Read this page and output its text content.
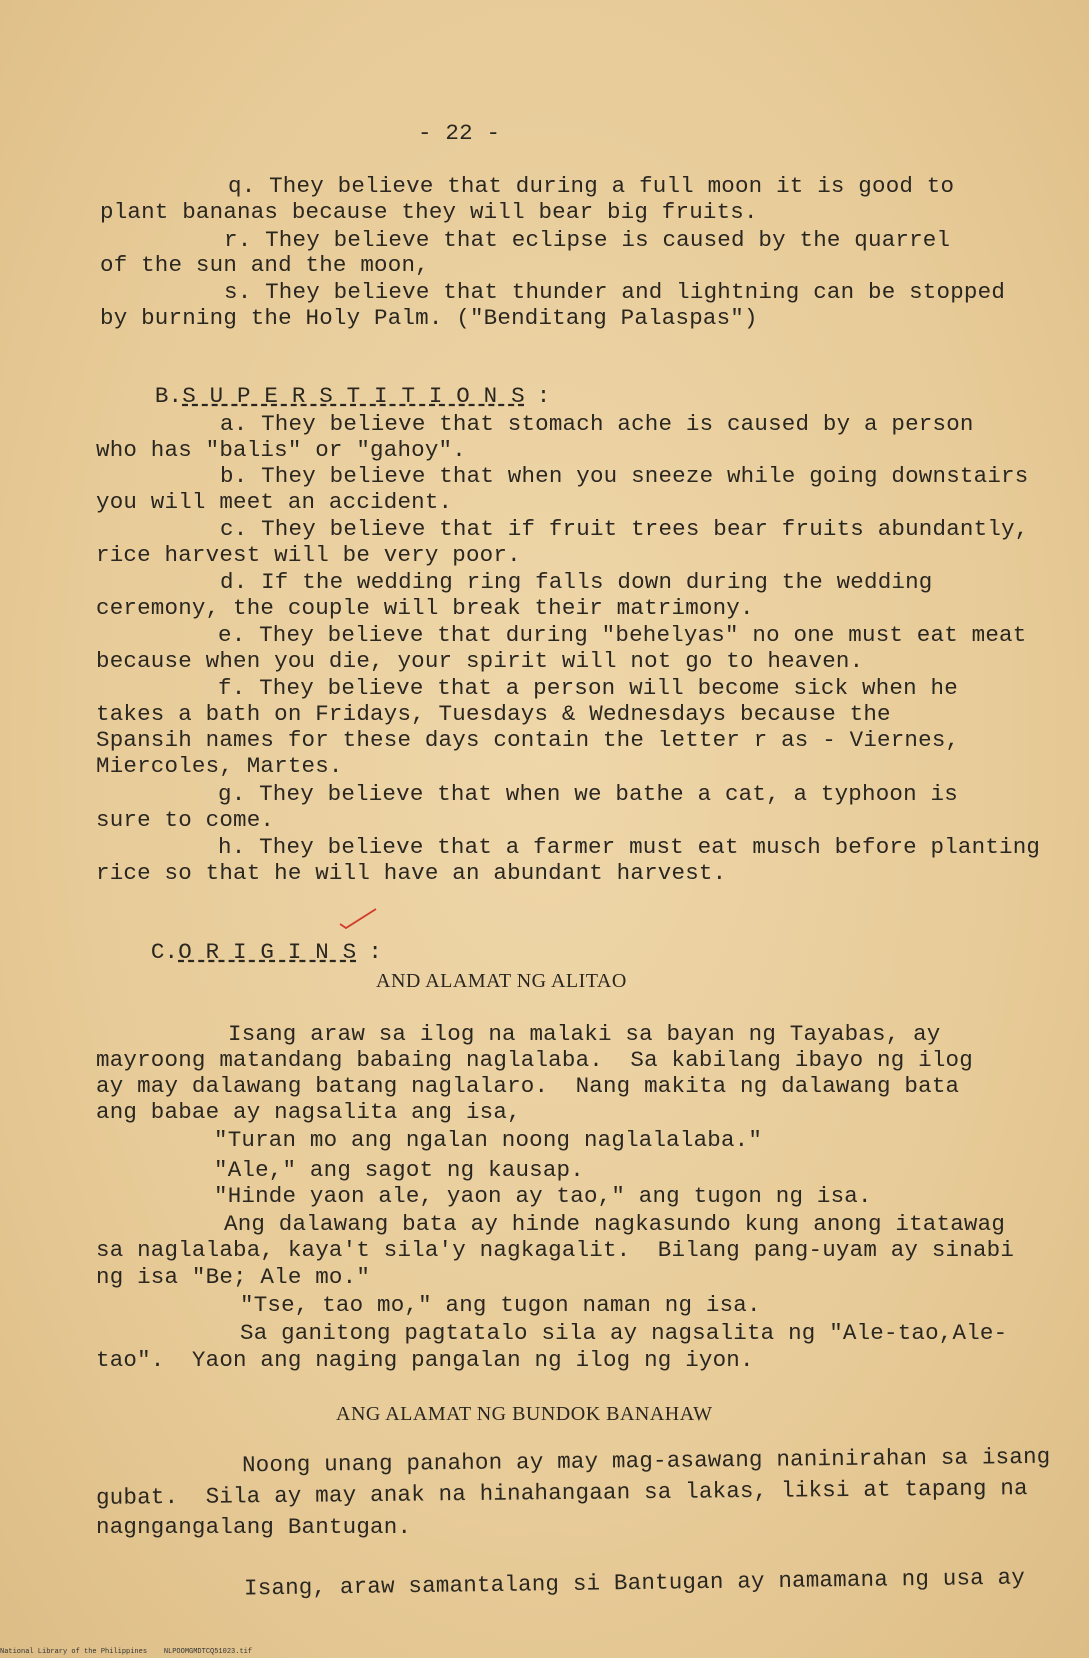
- 22 -
q. They believe that during a full moon it is good to
plant bananas because they will bear big fruits.
r. They believe that eclipse is caused by the quarrel
of the sun and the moon,
s. They believe that thunder and lightning can be stopped
by burning the Holy Palm. ("Benditang Palaspas")

B.S U P E R S T I T I O N S :

a. They believe that stomach ache is caused by a person
who has "balis" or "gahoy".
b. They believe that when you sneeze while going downstairs
you will meet an accident.
c. They believe that if fruit trees bear fruits abundantly,
rice harvest will be very poor.
d. If the wedding ring falls down during the wedding
ceremony, the couple will break their matrimony.
e. They believe that during "behelyas" no one must eat meat
because when you die, your spirit will not go to heaven.
f. They believe that a person will become sick when he
takes a bath on Fridays, Tuesdays & Wednesdays because the
Spansih names for these days contain the letter r as - Viernes,
Miercoles, Martes.
g. They believe that when we bathe a cat, a typhoon is
sure to come.
h. They believe that a farmer must eat musch before planting
rice so that he will have an abundant harvest.

C.O R I G I N S :

AND ALAMAT NG ALITAO
Isang araw sa ilog na malaki sa bayan ng Tayabas, ay
mayroong matandang babaing naglalaba.  Sa kabilang ibayo ng ilog
ay may dalawang batang naglalaro.  Nang makita ng dalawang bata
ang babae ay nagsalita ang isa,
"Turan mo ang ngalan noong naglalalaba."
"Ale," ang sagot ng kausap.
"Hinde yaon ale, yaon ay tao," ang tugon ng isa.
Ang dalawang bata ay hinde nagkasundo kung anong itatawag
sa naglalaba, kaya't sila'y nagkagalit.  Bilang pang-uyam ay sinabi
ng isa "Be; Ale mo."
"Tse, tao mo," ang tugon naman ng isa.
Sa ganitong pagtatalo sila ay nagsalita ng "Ale-tao,Ale-
tao".  Yaon ang naging pangalan ng ilog ng iyon.
ANG ALAMAT NG BUNDOK BANAHAW
Noong unang panahon ay may mag-asawang naninirahan sa isang
gubat.  Sila ay may anak na hinahangaan sa lakas, liksi at tapang na
nagngangalang Bantugan.
Isang, araw samantalang si Bantugan ay namamana ng usa ay
National Library of the Philippines    NLPOOMGMDTCQ51023.tif
